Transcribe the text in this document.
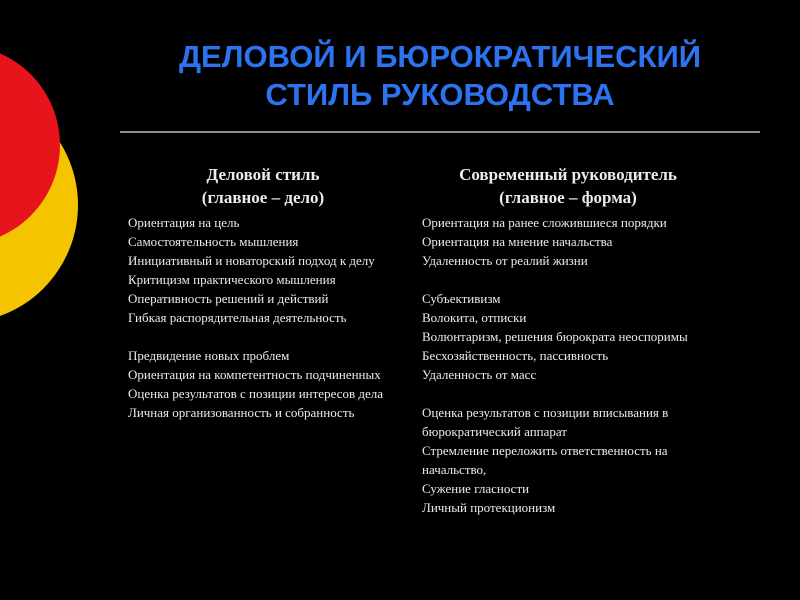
ДЕЛОВОЙ И БЮРОКРАТИЧЕСКИЙ
СТИЛЬ РУКОВОДСТВА
Деловой стиль
(главное – дело)
Ориентация на цель
Самостоятельность мышления
Инициативный и новаторский подход к делу
Критицизм практического мышления
Оперативность решений и действий
Гибкая распорядительная деятельность
Предвидение новых проблем
Ориентация на компетентность подчиненных
Оценка результатов с позиции интересов дела
Личная организованность и собранность
Современный руководитель
(главное – форма)
Ориентация на ранее сложившиеся порядки
Ориентация на мнение начальства
Удаленность от реалий жизни
Субъективизм
Волокита, отписки
Волюнтаризм, решения бюрократа неоспоримы
Бесхозяйственность, пассивность
Удаленность от масс
Оценка результатов с позиции вписывания в бюрократический аппарат
Стремление переложить ответственность на начальство,
Сужение гласности
Личный протекционизм
